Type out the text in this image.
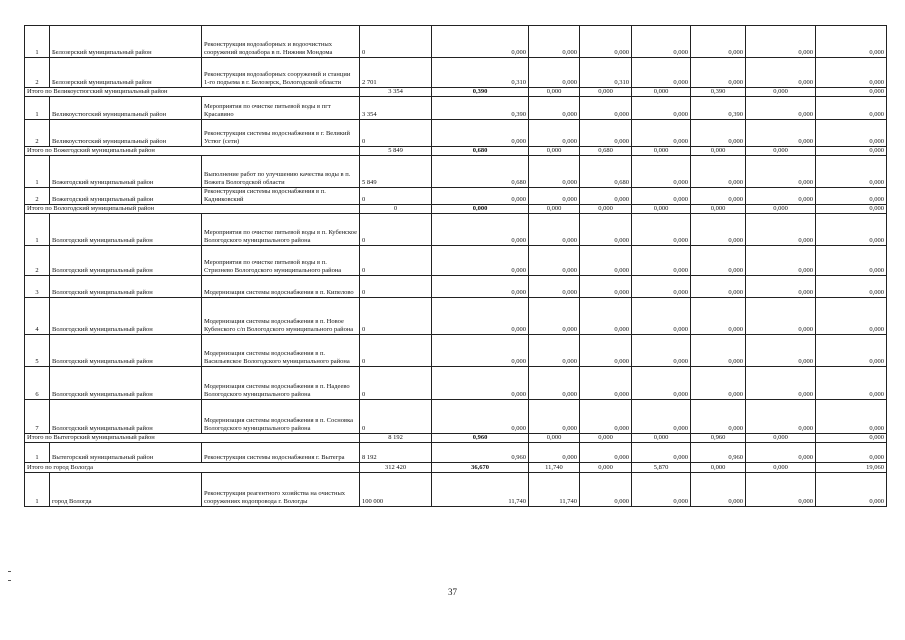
1	Белозерский муниципальный район	Реконструкция водозаборных и водоочистных сооружений водозабора в п. Нижняя Мондома	0	0,000	0,000	0,000	0,000	0,000	0,000	0,000
2	Белозерский муниципальный район	Реконструкция водозаборных сооружений и станции 1-го подъема в г. Белозерск, Вологодской области	2 701	0,310	0,000	0,310	0,000	0,000	0,000	0,000
Итого по Великоустюгский муниципальный район			3 354	0,390	0,000	0,000	0,000	0,390	0,000	0,000
1	Великоустюгский муниципальный район	Мероприятия по очистке питьевой воды в пгт Красавино	3 354	0,390	0,000	0,000	0,000	0,390	0,000	0,000
2	Великоустюгский муниципальный район	Реконструкция системы водоснабжения в г. Великий Устюг (сети)	0	0,000	0,000	0,000	0,000	0,000	0,000	0,000
Итого по Вожегодский муниципальный район			5 849	0,680	0,000	0,680	0,000	0,000	0,000	0,000
1	Вожегодский муниципальный район	Выполнение работ по улучшению качества воды в п. Вожега Вологодской области	5 849	0,680	0,000	0,680	0,000	0,000	0,000	0,000
2	Вожегодский муниципальный район	Реконструкция системы водоснабжения в п. Кадниковский	0	0,000	0,000	0,000	0,000	0,000	0,000	0,000
Итого по Вологодский муниципальный район			0	0,000	0,000	0,000	0,000	0,000	0,000	0,000
1	Вологодский муниципальный район	Мероприятия по очистке питьевой воды в п. Кубенское Вологодского муниципального района	0	0,000	0,000	0,000	0,000	0,000	0,000	0,000
2	Вологодский муниципальный район	Мероприятия по очистке питьевой воды в п. Стризнево Вологодского муниципального района	0	0,000	0,000	0,000	0,000	0,000	0,000	0,000
3	Вологодский муниципальный район	Модернизация системы водоснабжения в п. Кипелово	0	0,000	0,000	0,000	0,000	0,000	0,000	0,000
4	Вологодский муниципальный район	Модернизация системы водоснабжения в п. Новое Кубенского с/п Вологодского муниципального района	0	0,000	0,000	0,000	0,000	0,000	0,000	0,000
5	Вологодский муниципальный район	Модернизация системы водоснабжения в п. Васильевское Вологодского муниципального района	0	0,000	0,000	0,000	0,000	0,000	0,000	0,000
6	Вологодский муниципальный район	Модернизация системы водоснабжения в п. Надеево Вологодского муниципального района	0	0,000	0,000	0,000	0,000	0,000	0,000	0,000
7	Вологодский муниципальный район	Модернизация системы водоснабжения в п. Сосновка Вологодского муниципального района	0	0,000	0,000	0,000	0,000	0,000	0,000	0,000
Итого по Вытегорский муниципальный район			8 192	0,960	0,000	0,000	0,000	0,960	0,000	0,000
1	Вытегорский муниципальный район	Реконструкция системы водоснабжения г. Вытегра	8 192	0,960	0,000	0,000	0,000	0,960	0,000	0,000
Итого по город Вологда			312 420	36,670	11,740	0,000	5,870	0,000	0,000	19,060
1	город Вологда	Реконструкция реагентного хозяйства на очистных сооружениях водопровода г. Вологды	100 000	11,740	11,740	0,000	0,000	0,000	0,000	0,000
37
